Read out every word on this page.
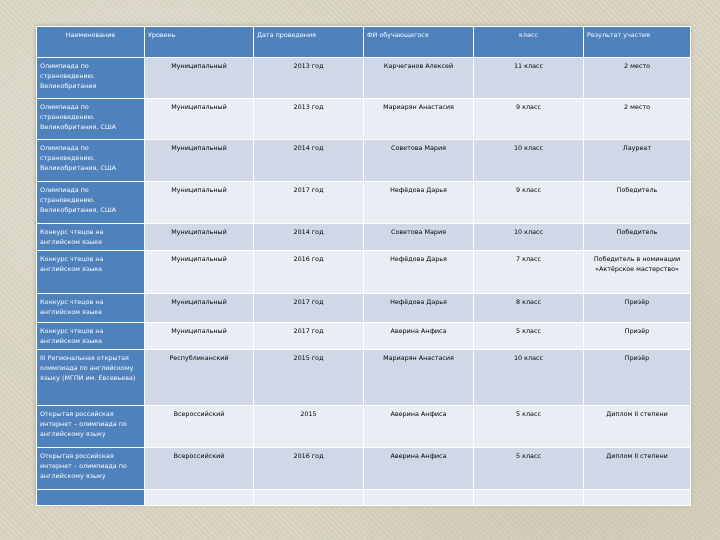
Наименование	Уровень	Дата проведения	ФИ обучающегося	класс	Результат участия
Олимпиада по страноведению. Великобритания	Муниципальный	2013 год	Карчеганов Алексей	11 класс	2 место
Олимпиада по страноведению. Великобритания, США	Муниципальный	2013 год	Мариарян Анастасия	9 класс	2 место
Олимпиада по страноведению. Великобритания, США	Муниципальный	2014 год	Советова Мария	10 класс	Лауреат
Олимпиада по страноведению. Великобритания, США	Муниципальный	2017 год	Нефёдова Дарья	9 класс	Победитель
Конкурс чтецов на английском языке	Муниципальный	2014 год	Советова Мария	10 класс	Победитель
Конкурс чтецов на английском языке	Муниципальный	2016 год	Нефёдова Дарья	7 класс	Победитель в номинации «Актёрское мастерство»
Конкурс чтецов на английском языке	Муниципальный	2017 год	Нефёдова Дарья	8 класс	Призёр
Конкурс чтецов на английском языке	Муниципальный	2017 год	Аверина Анфиса	5 класс	Призёр
III Региональная открытая олимпиада по английскому языку (МГПИ им. Евсевьева)	Республиканский	2015 год	Мариарян Анастасия	10 класс	Призёр
Открытая российская интернет – олимпиада по английскому языку	Всероссийский	2015	Аверина Анфиса	5 класс	Диплом II степени
Открытая российская интернет – олимпиада по английскому языку	Всероссийский	2016 год	Аверина Анфиса	5 класс	Диплом II степени
